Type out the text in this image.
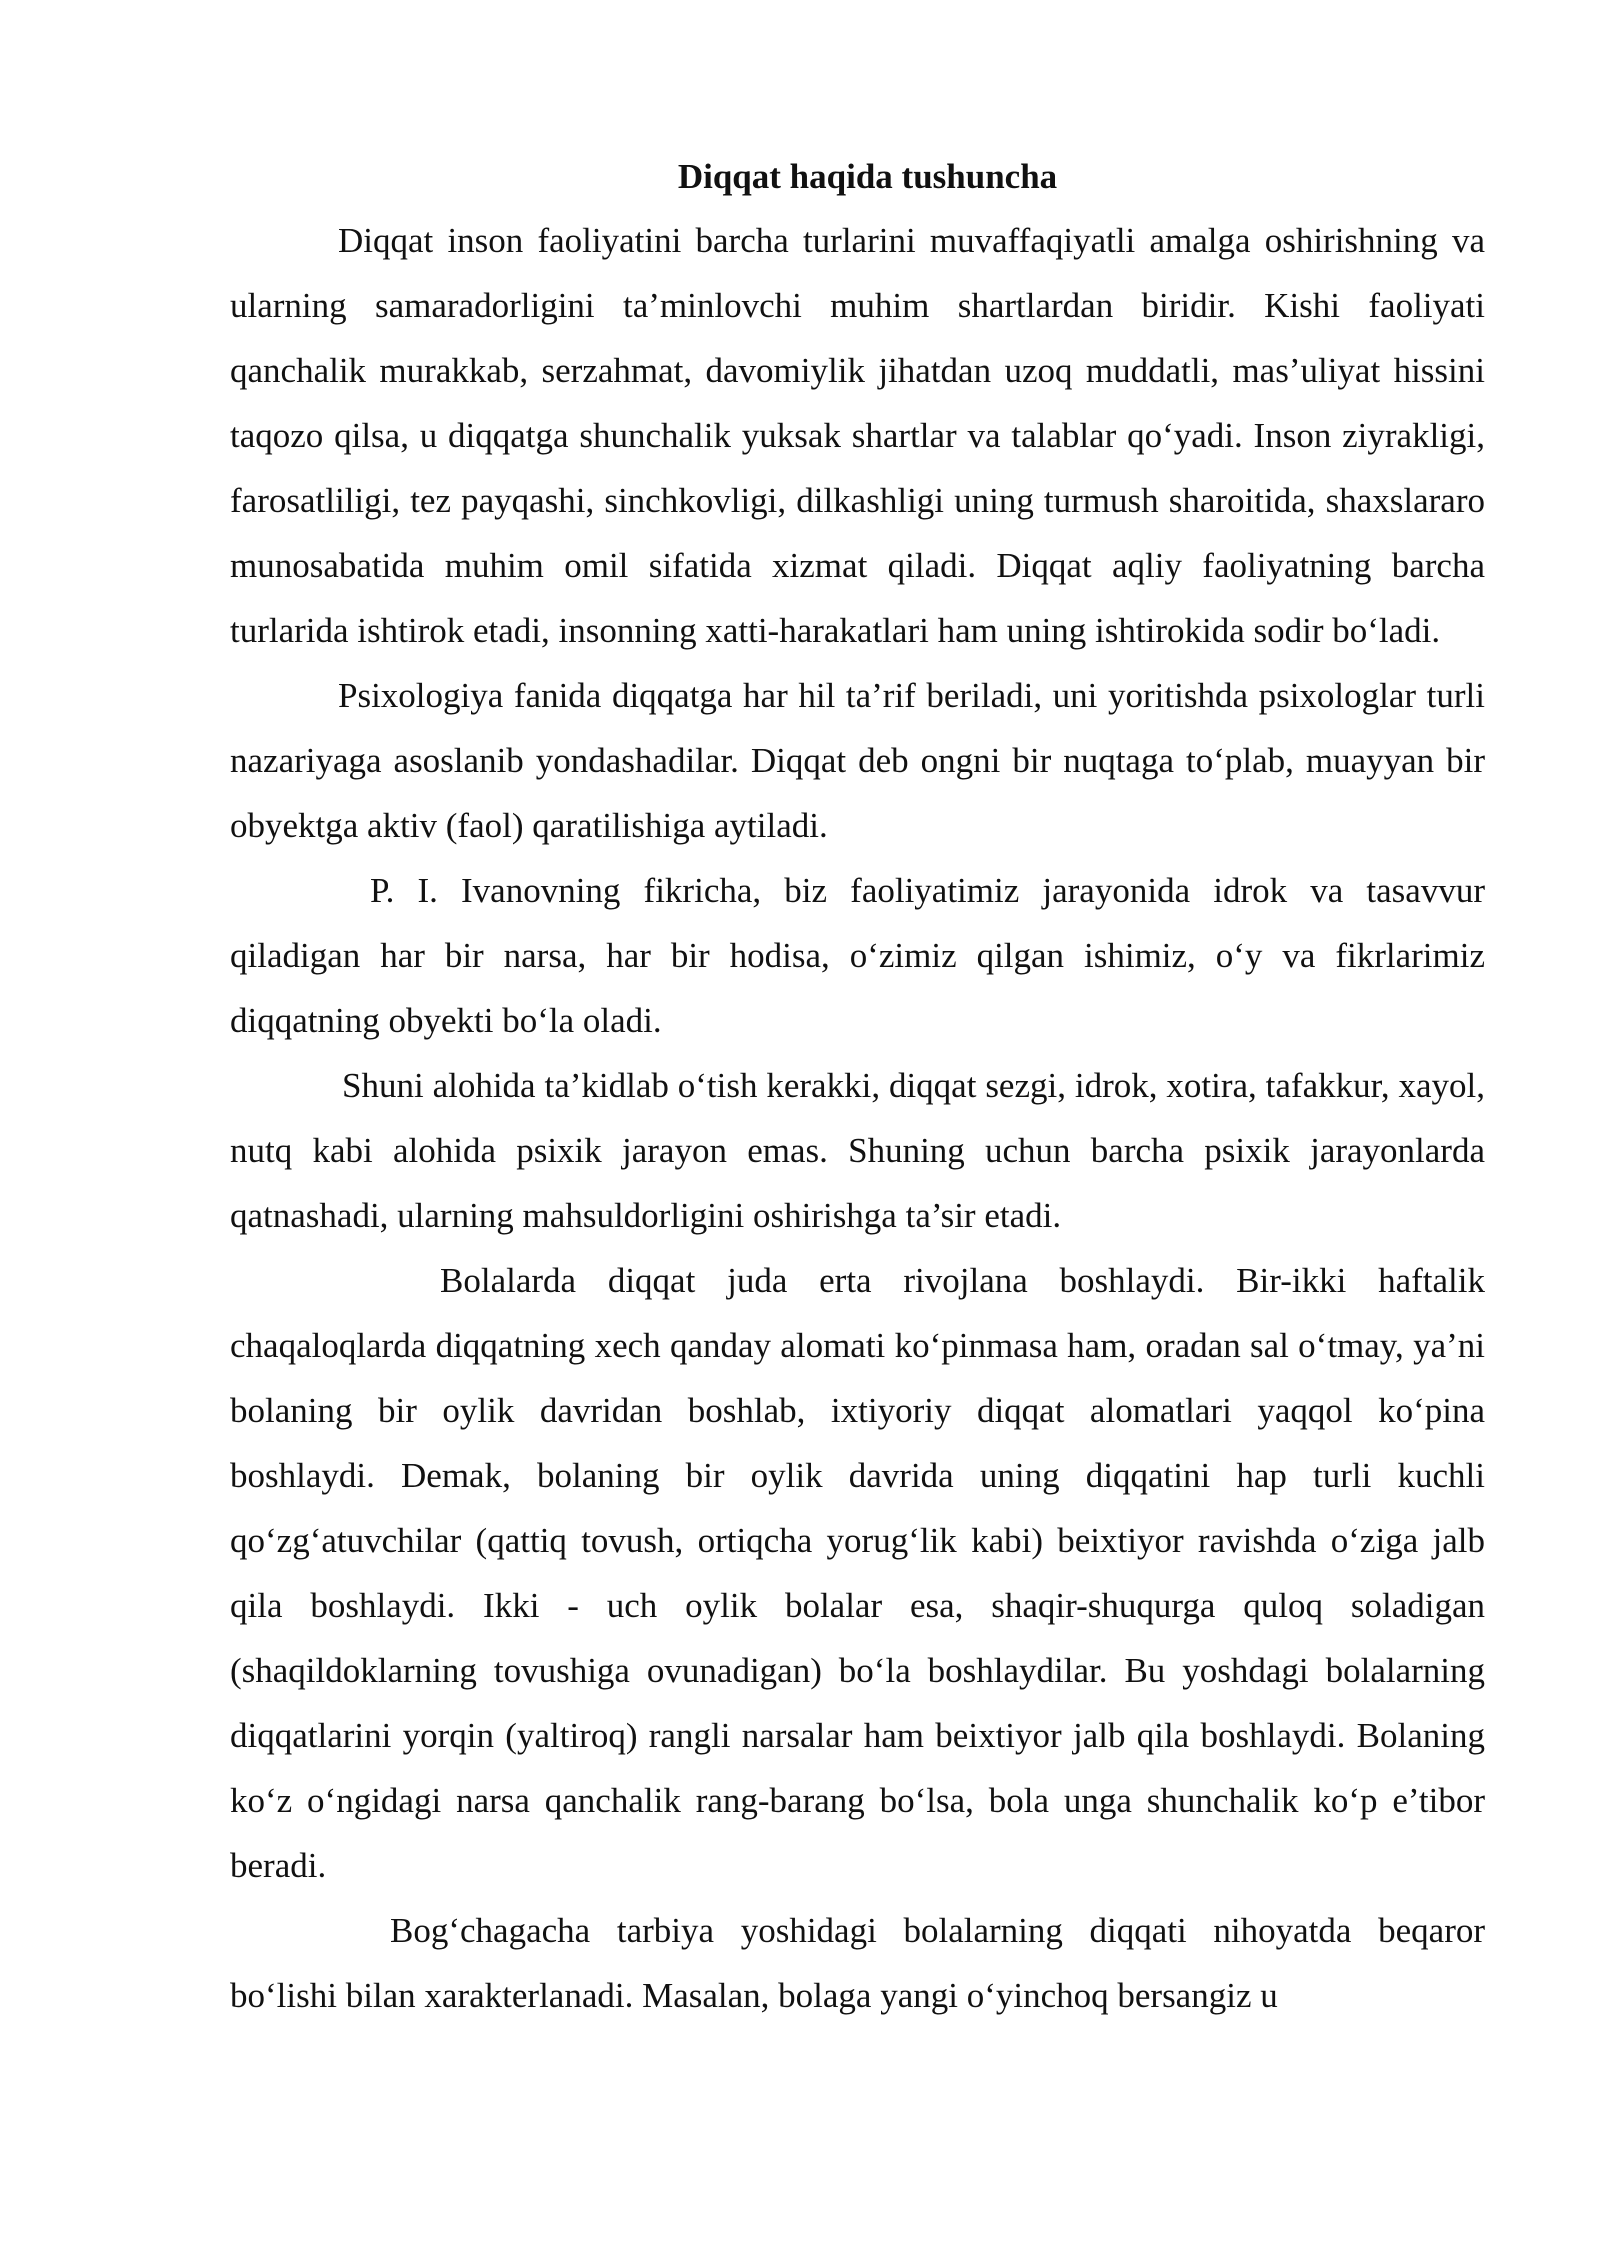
Diqqat haqida tushuncha

Diqqat inson faoliyatini barcha turlarini muvaffaqiyatli amalga oshirishning va ularning samaradorligini ta’minlovchi muhim shartlardan biridir. Kishi faoliyati qanchalik murakkab, serzahmat, davomiylik jihatdan uzoq muddatli, mas’uliyat hissini taqozo qilsa, u diqqatga shunchalik yuksak shartlar va talablar qo‘yadi. Inson ziyrakligi, farosatliligi, tez payqashi, sinchkovligi, dilkashligi uning turmush sharoitida, shaxslararo munosabatida muhim omil sifatida xizmat qiladi. Diqqat aqliy faoliyatning barcha turlarida ishtirok etadi, insonning xatti-harakatlari ham uning ishtirokida sodir bo‘ladi.

Psixologiya fanida diqqatga har hil ta’rif beriladi, uni yoritishda psixologlar turli nazariyaga asoslanib yondashadilar. Diqqat deb ongni bir nuqtaga to‘plab, muayyan bir obyektga aktiv (faol) qaratilishiga aytiladi.

P. I. Ivanovning fikricha, biz faoliyatimiz jarayonida idrok va tasavvur qiladigan har bir narsa, har bir hodisa, o‘zimiz qilgan ishimiz, o‘y va fikrlarimiz diqqatning obyekti bo‘la oladi.

Shuni alohida ta’kidlab o‘tish kerakki, diqqat sezgi, idrok, xotira, tafakkur, xayol, nutq kabi alohida psixik jarayon emas. Shuning uchun barcha psixik jarayonlarda qatnashadi, ularning mahsuldorligini oshirishga ta’sir etadi.

Bolalarda diqqat juda erta rivojlana boshlaydi. Bir-ikki haftalik chaqaloqlarda diqqatning xech qanday alomati ko‘pinmasa ham, oradan sal o‘tmay, ya’ni bolaning bir oylik davridan boshlab, ixtiyoriy diqqat alomatlari yaqqol ko‘pina boshlaydi. Demak, bolaning bir oylik davrida uning diqqatini hap turli kuchli qo‘zg‘atuvchilar (qattiq tovush, ortiqcha yorug‘lik kabi) beixtiyor ravishda o‘ziga jalb qila boshlaydi. Ikki - uch oylik bolalar esa, shaqir-shuqurga quloq soladigan (shaqildoklarning tovushiga ovunadigan) bo‘la boshlaydilar. Bu yoshdagi bolalarning diqqatlarini yorqin (yaltiroq) rangli narsalar ham beixtiyor jalb qila boshlaydi. Bolaning ko‘z o‘ngidagi narsa qanchalik rang-barang bo‘lsa, bola unga shunchalik ko‘p e’tibor beradi.

Bog‘chagacha tarbiya yoshidagi bolalarning diqqati nihoyatda beqaror bo‘lishi bilan xarakterlanadi. Masalan, bolaga yangi o‘yinchoq bersangiz u
